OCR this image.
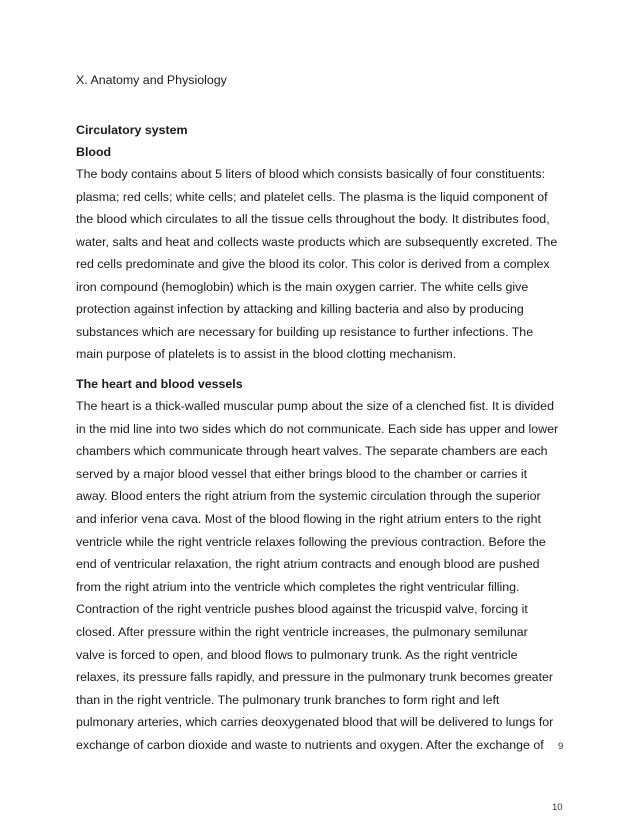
X. Anatomy and Physiology
Circulatory system
Blood
The body contains about 5 liters of blood which consists basically of four constituents:
plasma; red cells; white cells; and platelet cells. The plasma is the liquid component of
the blood which circulates to all the tissue cells throughout the body. It distributes food,
water, salts and heat and collects waste products which are subsequently excreted. The
red cells predominate and give the blood its color. This color is derived from a complex
iron compound (hemoglobin) which is the main oxygen carrier. The white cells give
protection against infection by attacking and killing bacteria and also by producing
substances which are necessary for building up resistance to further infections. The
main purpose of platelets is to assist in the blood clotting mechanism.
The heart and blood vessels
The heart is a thick-walled muscular pump about the size of a clenched fist. It is divided
in the mid line into two sides which do not communicate. Each side has upper and lower
chambers which communicate through heart valves. The separate chambers are each
served by a major blood vessel that either brings blood to the chamber or carries it
away. Blood enters the right atrium from the systemic circulation through the superior
and inferior vena cava. Most of the blood flowing in the right atrium enters to the right
ventricle while the right ventricle relaxes following the previous contraction. Before the
end of ventricular relaxation, the right atrium contracts and enough blood are pushed
from the right atrium into the ventricle which completes the right ventricular filling.
Contraction of the right ventricle pushes blood against the tricuspid valve, forcing it
closed. After pressure within the right ventricle increases, the pulmonary semilunar
valve is forced to open, and blood flows to pulmonary trunk. As the right ventricle
relaxes, its pressure falls rapidly, and pressure in the pulmonary trunk becomes greater
than in the right ventricle. The pulmonary trunk branches to form right and left
pulmonary arteries, which carries deoxygenated blood that will be delivered to lungs for
exchange of carbon dioxide and waste to nutrients and oxygen. After the exchange of 9
10
